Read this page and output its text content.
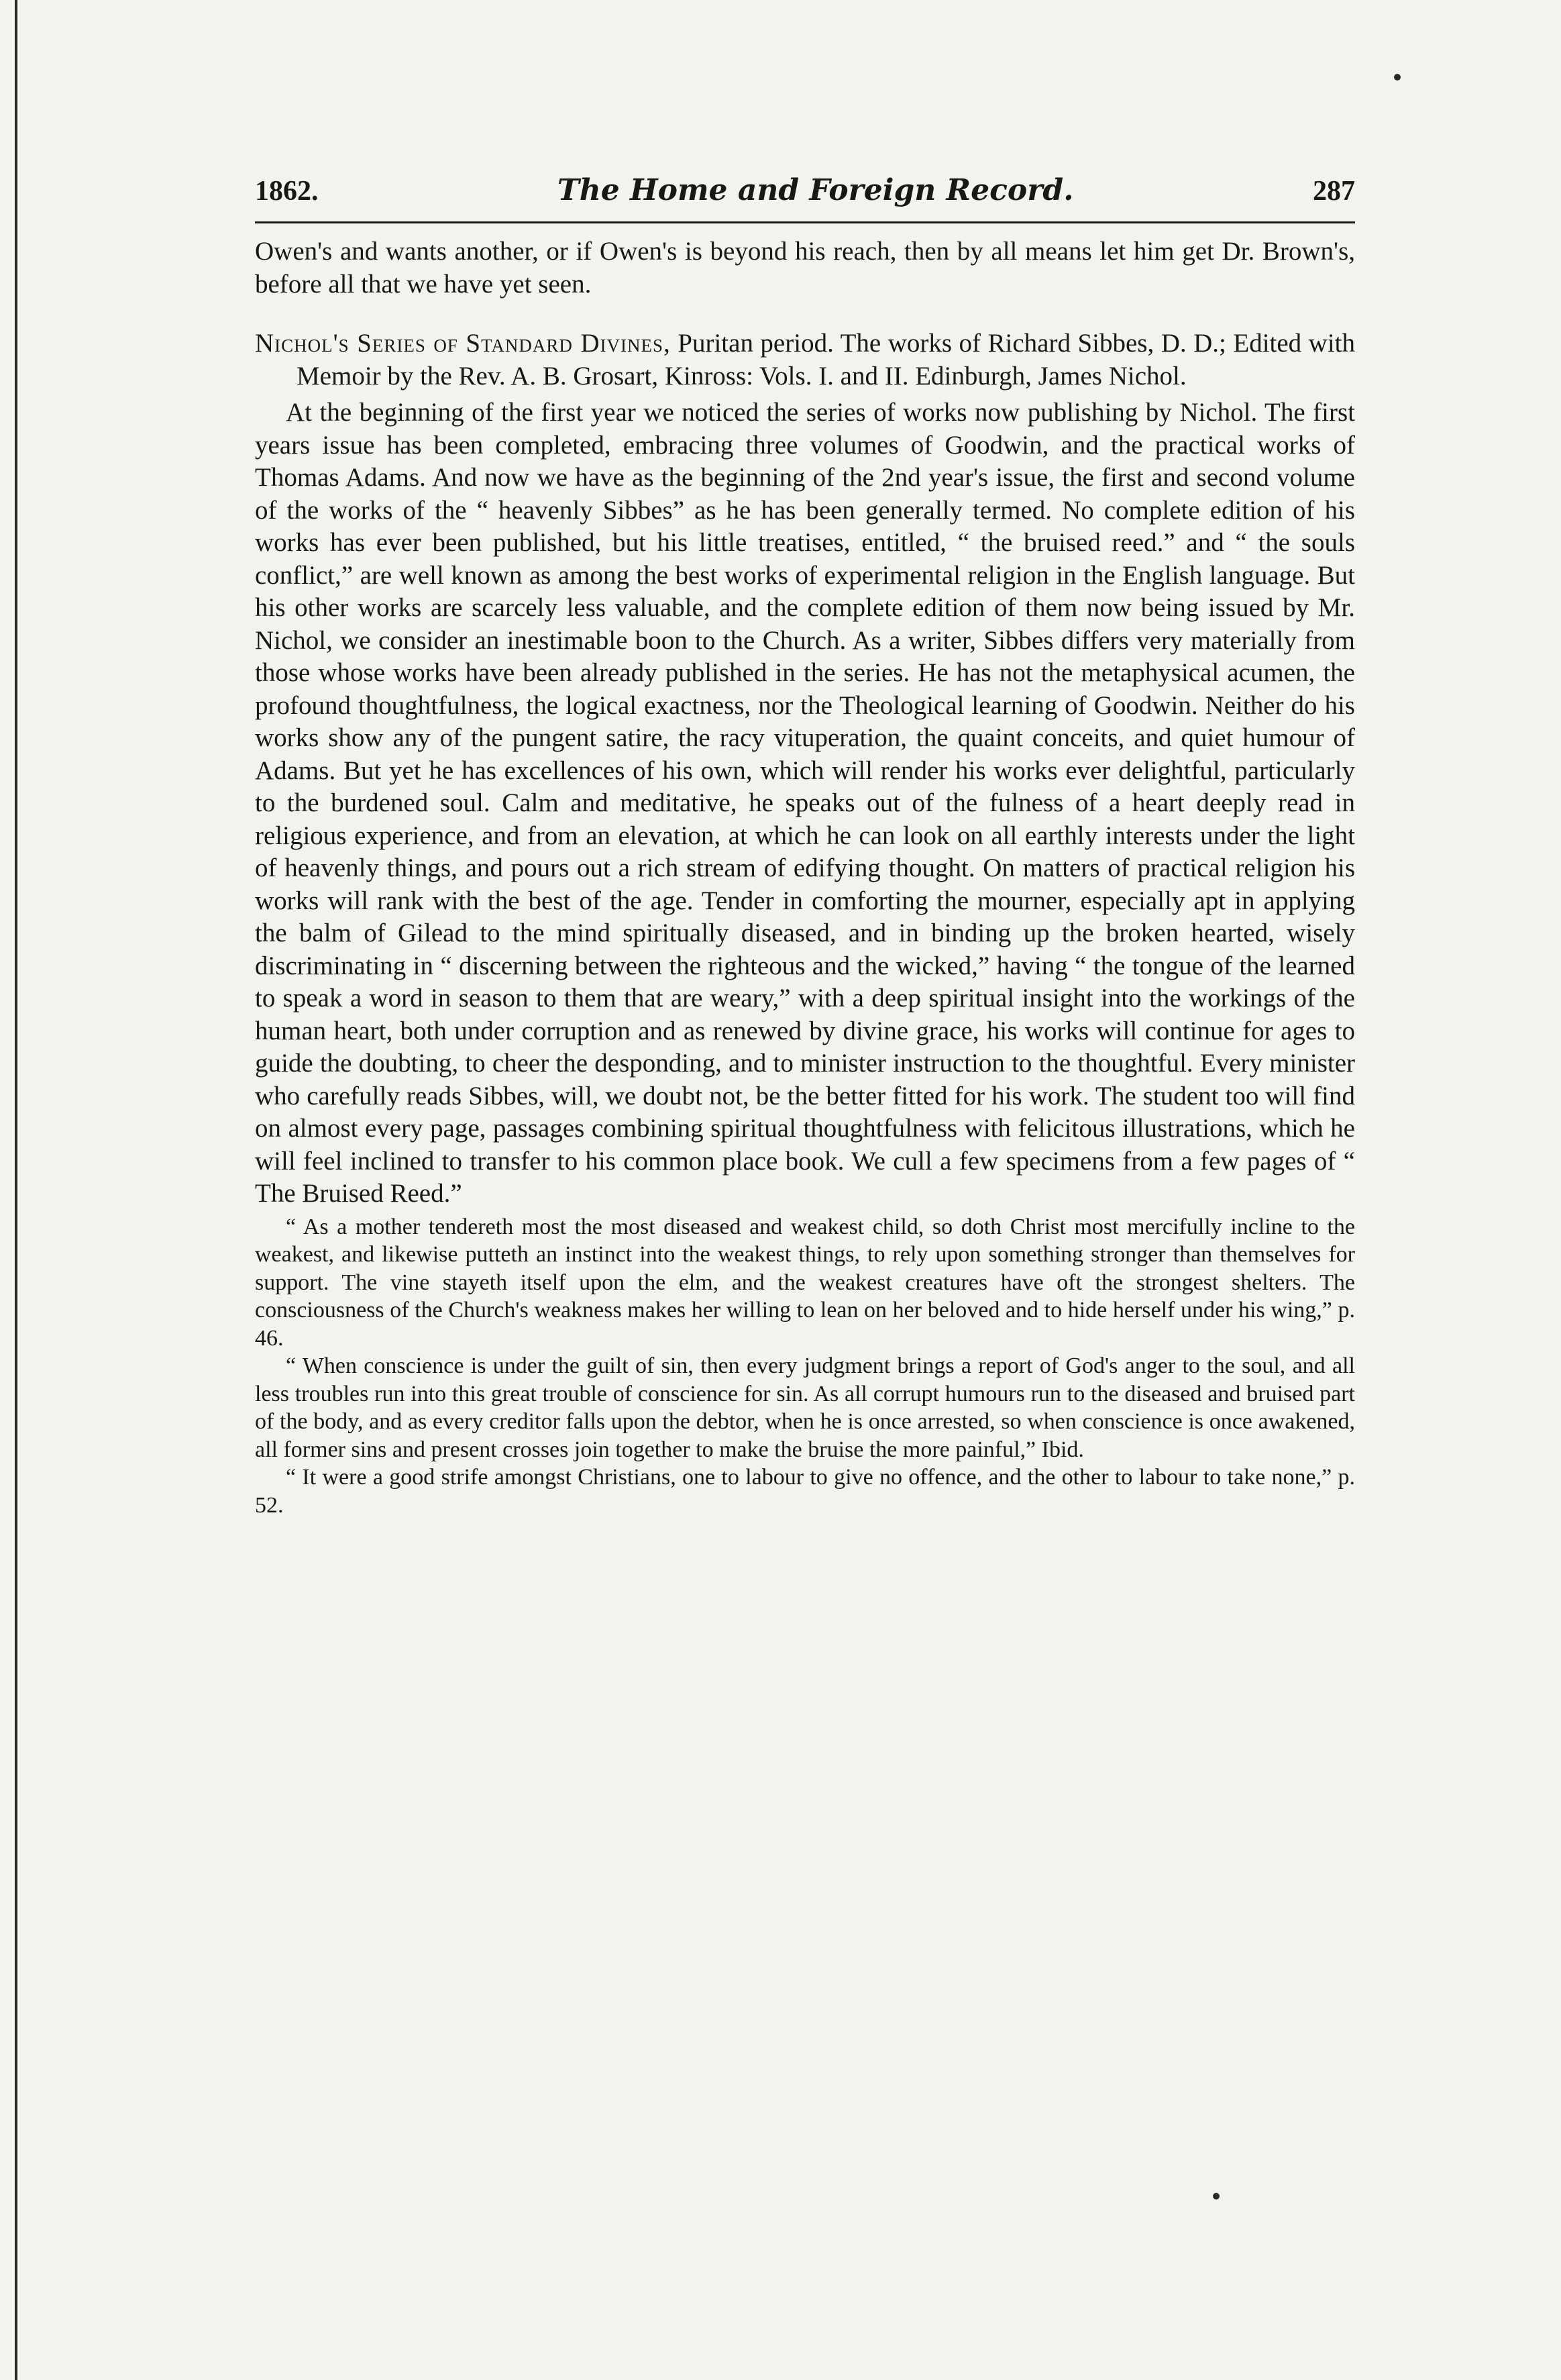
1862.	The Home and Foreign Record.	287

Owen's and wants another, or if Owen's is beyond his reach, then by all means let him get Dr. Brown's, before all that we have yet seen.

Nichol's Series of Standard Divines, Puritan period. The works of Richard Sibbes, D. D.; Edited with Memoir by the Rev. A. B. Grosart, Kinross: Vols. I. and II. Edinburgh, James Nichol.

At the beginning of the first year we noticed the series of works now publishing by Nichol. The first years issue has been completed, embracing three volumes of Goodwin, and the practical works of Thomas Adams. And now we have as the beginning of the 2nd year's issue, the first and second volume of the works of the “ heavenly Sibbes” as he has been generally termed. No complete edition of his works has ever been published, but his little treatises, entitled, “ the bruised reed.” and “ the souls conflict,” are well known as among the best works of experimental religion in the English language. But his other works are scarcely less valuable, and the complete edition of them now being issued by Mr. Nichol, we consider an inestimable boon to the Church. As a writer, Sibbes differs very materially from those whose works have been already published in the series. He has not the metaphysical acumen, the profound thoughtfulness, the logical exactness, nor the Theological learning of Goodwin. Neither do his works show any of the pungent satire, the racy vituperation, the quaint conceits, and quiet humour of Adams. But yet he has excellences of his own, which will render his works ever delightful, particularly to the burdened soul. Calm and meditative, he speaks out of the fulness of a heart deeply read in religious experience, and from an elevation, at which he can look on all earthly interests under the light of heavenly things, and pours out a rich stream of edifying thought. On matters of practical religion his works will rank with the best of the age. Tender in comforting the mourner, especially apt in applying the balm of Gilead to the mind spiritually diseased, and in binding up the broken hearted, wisely discriminating in “ discerning between the righteous and the wicked,” having “ the tongue of the learned to speak a word in season to them that are weary,” with a deep spiritual insight into the workings of the human heart, both under corruption and as renewed by divine grace, his works will continue for ages to guide the doubting, to cheer the desponding, and to minister instruction to the thoughtful. Every minister who carefully reads Sibbes, will, we doubt not, be the better fitted for his work. The student too will find on almost every page, passages combining spiritual thoughtfulness with felicitous illustrations, which he will feel inclined to transfer to his common place book. We cull a few specimens from a few pages of “ The Bruised Reed.”

“ As a mother tendereth most the most diseased and weakest child, so doth Christ most mercifully incline to the weakest, and likewise putteth an instinct into the weakest things, to rely upon something stronger than themselves for support. The vine stayeth itself upon the elm, and the weakest creatures have oft the strongest shelters. The consciousness of the Church's weakness makes her willing to lean on her beloved and to hide herself under his wing,” p. 46.

“ When conscience is under the guilt of sin, then every judgment brings a report of God's anger to the soul, and all less troubles run into this great trouble of conscience for sin. As all corrupt humours run to the diseased and bruised part of the body, and as every creditor falls upon the debtor, when he is once arrested, so when conscience is once awakened, all former sins and present crosses join together to make the bruise the more painful,” Ibid.

“ It were a good strife amongst Christians, one to labour to give no offence, and the other to labour to take none,” p. 52.
